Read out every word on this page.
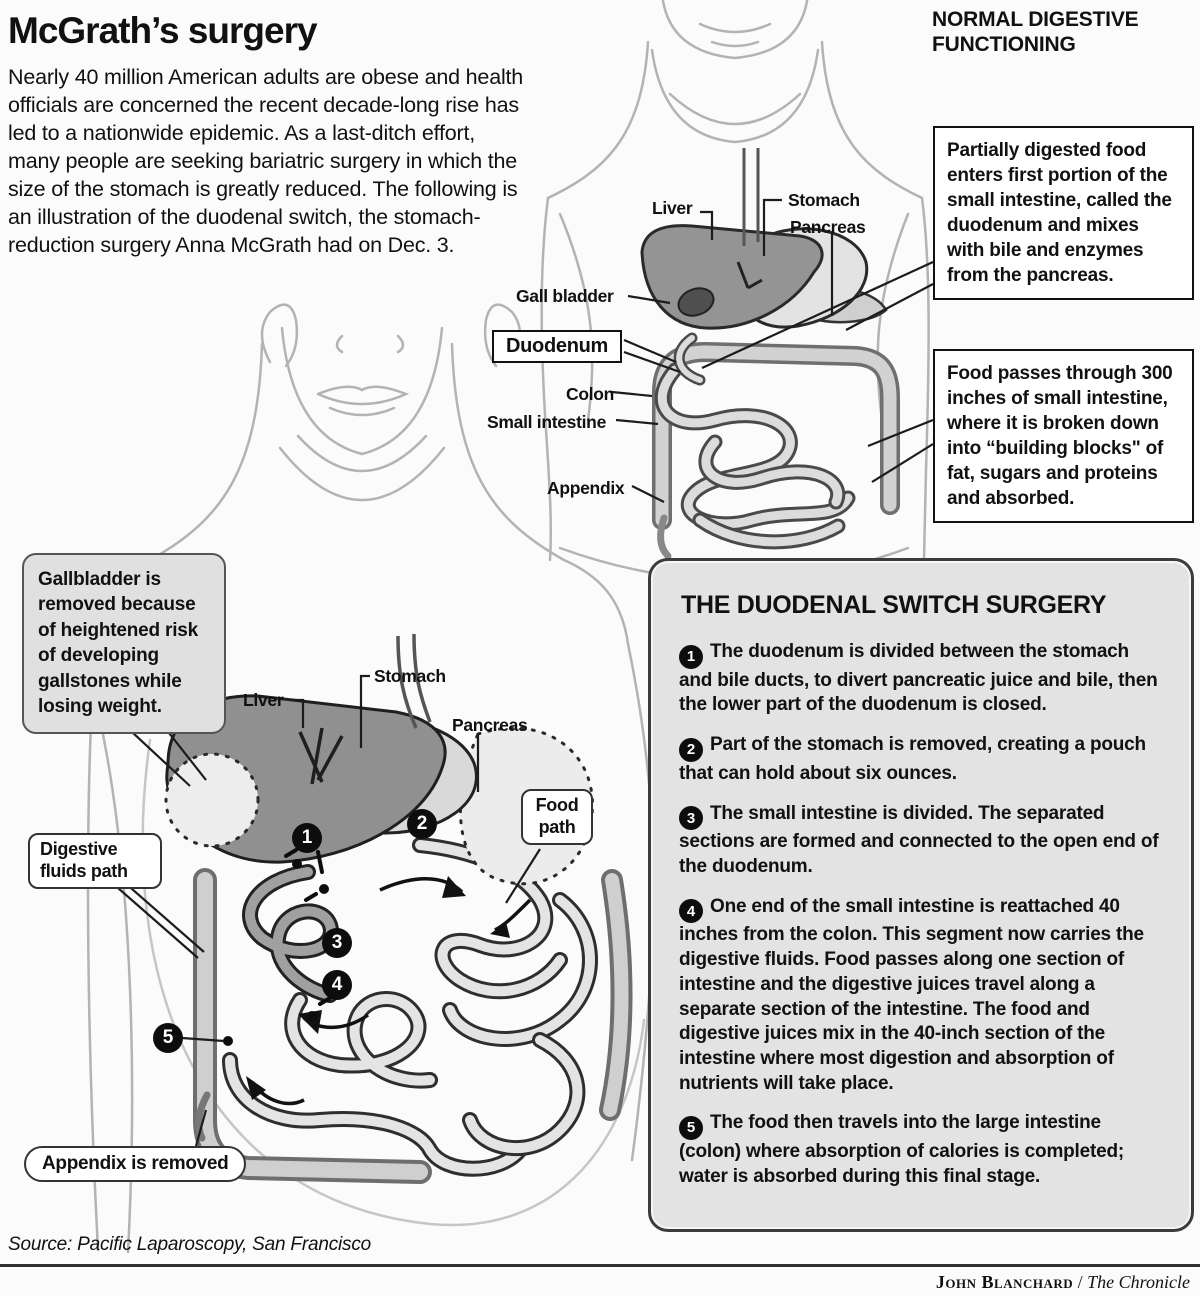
McGrath’s surgery
Nearly 40 million American adults are obese and health officials are concerned the recent decade-long rise has led to a nationwide epidemic. As a last-ditch effort, many people are seeking bariatric surgery in which the size of the stomach is greatly reduced. The following is an illustration of the duodenal switch, the stomach-reduction surgery Anna McGrath had on Dec. 3.
NORMAL DIGESTIVE FUNCTIONING
Liver	Stomach
Pancreas
Gall bladder
Duodenum
Colon
Small intestine
Appendix
Partially digested food enters first portion of the small intestine, called the duodenum and mixes with bile and enzymes from the pancreas.
Food passes through 300 inches of small intestine, where it is broken down into “building blocks" of fat, sugars and proteins and absorbed.
Gallbladder is removed because of heightened risk of developing gallstones while losing weight.	Liver
Stomach
Pancreas
Food path
Digestive fluids path
Appendix is removed
1
2
3
4
5
THE DUODENAL SWITCH SURGERY

1 The duodenum is divided between the stomach and bile ducts, to divert pancreatic juice and bile, then the lower part of the duodenum is closed.

2 Part of the stomach is removed, creating a pouch that can hold about six ounces.

3 The small intestine is divided. The separated sections are formed and connected to the open end of the duodenum.

4 One end of the small intestine is reattached 40 inches from the colon. This segment now carries the digestive fluids. Food passes along one section of intestine and the digestive juices travel along a separate section of the intestine. The food and digestive juices mix in the 40-inch section of the intestine where most digestion and absorption of nutrients will take place.

5 The food then travels into the large intestine (colon) where absorption of calories is completed; water is absorbed during this final stage.

Source: Pacific Laparoscopy, San Francisco
John Blanchard / The Chronicle
